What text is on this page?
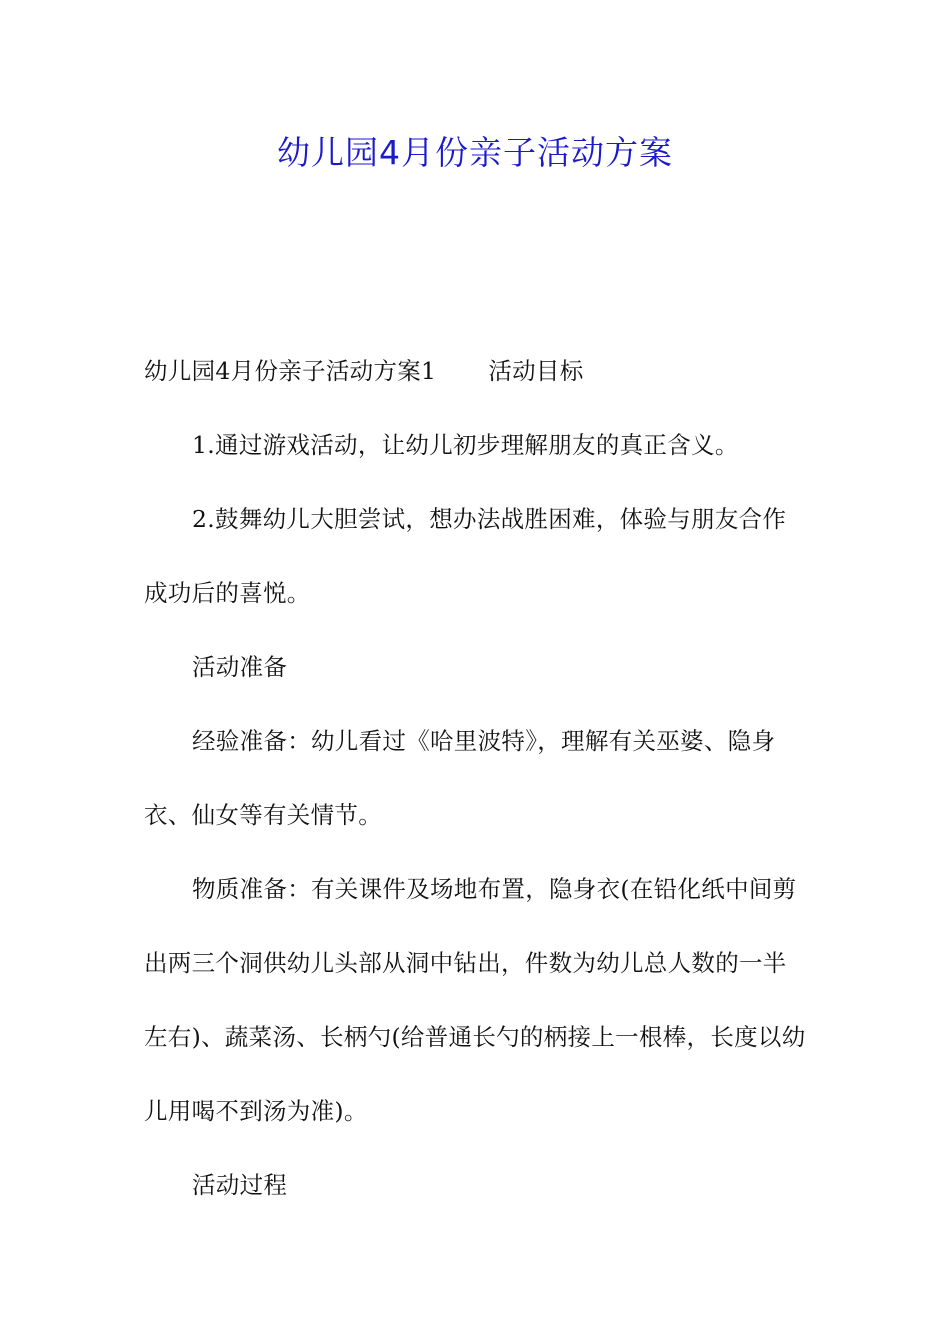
幼儿园4月份亲子活动方案

幼儿园4月份亲子活动方案1 活动目标

1.通过游戏活动，让幼儿初步理解朋友的真正含义。

2.鼓舞幼儿大胆尝试，想办法战胜困难，体验与朋友合作成功后的喜悦。

活动准备

经验准备：幼儿看过《哈里波特》，理解有关巫婆、隐身衣、仙女等有关情节。

物质准备：有关课件及场地布置，隐身衣(在铅化纸中间剪出两三个洞供幼儿头部从洞中钻出，件数为幼儿总人数的一半左右)、蔬菜汤、长柄勺(给普通长勺的柄接上一根棒，长度以幼儿用喝不到汤为准)。

活动过程
